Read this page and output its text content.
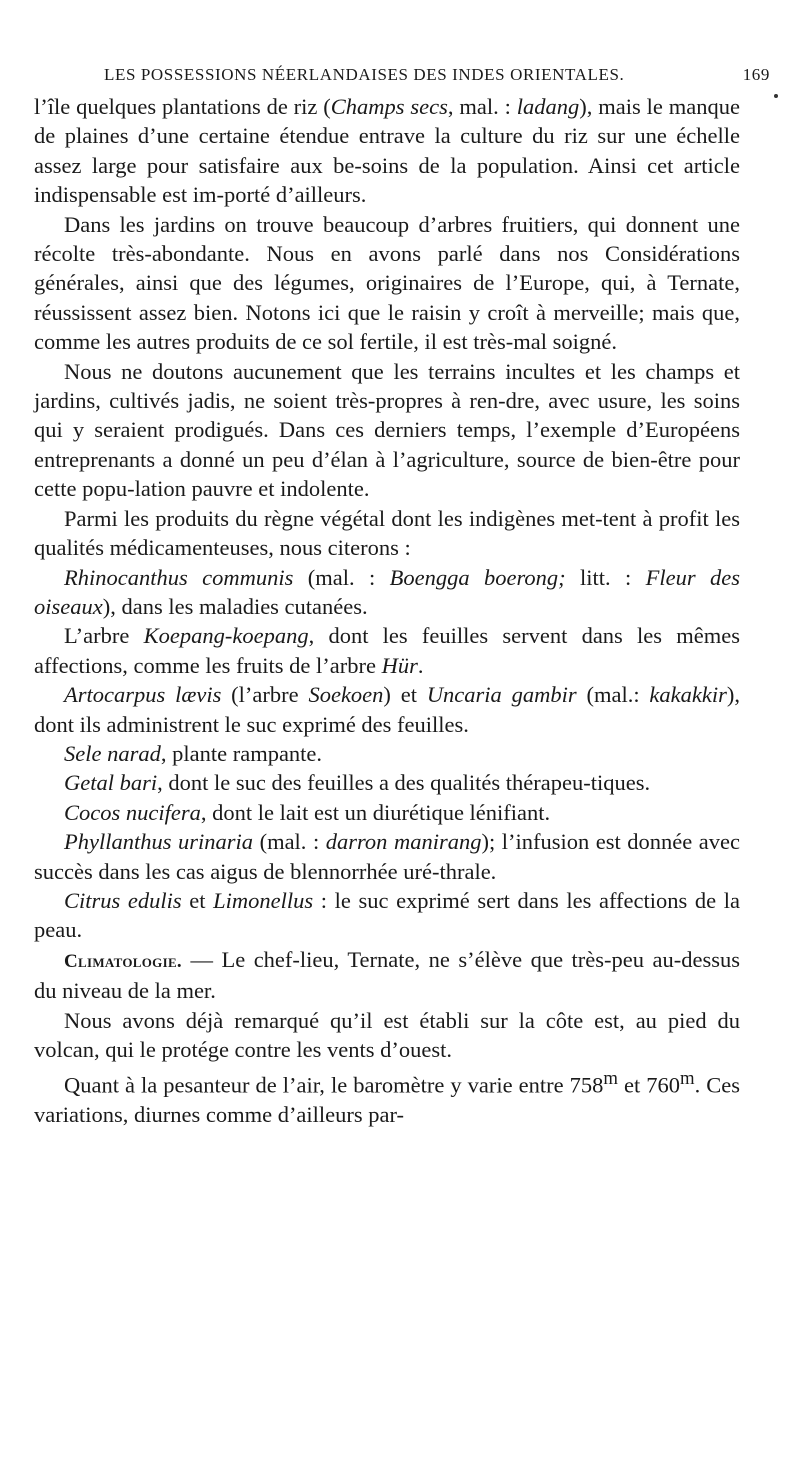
LES POSSESSIONS NÉERLANDAISES DES INDES ORIENTALES.	169

l’île quelques plantations de riz (Champs secs, mal. : ladang), mais le manque de plaines d’une certaine étendue entrave la culture du riz sur une échelle assez large pour satisfaire aux be-soins de la population. Ainsi cet article indispensable est im-porté d’ailleurs.

Dans les jardins on trouve beaucoup d’arbres fruitiers, qui donnent une récolte très-abondante. Nous en avons parlé dans nos Considérations générales, ainsi que des légumes, originaires de l’Europe, qui, à Ternate, réussissent assez bien. Notons ici que le raisin y croît à merveille; mais que, comme les autres produits de ce sol fertile, il est très-mal soigné.

Nous ne doutons aucunement que les terrains incultes et les champs et jardins, cultivés jadis, ne soient très-propres à ren-dre, avec usure, les soins qui y seraient prodigués. Dans ces derniers temps, l’exemple d’Européens entreprenants a donné un peu d’élan à l’agriculture, source de bien-être pour cette popu-lation pauvre et indolente.

Parmi les produits du règne végétal dont les indigènes met-tent à profit les qualités médicamenteuses, nous citerons :

Rhinocanthus communis (mal. : Boengga boerong; litt. : Fleur des oiseaux), dans les maladies cutanées.

L’arbre Koepang-koepang, dont les feuilles servent dans les mêmes affections, comme les fruits de l’arbre Hür.

Artocarpus lævis (l’arbre Soekoen) et Uncaria gambir (mal.: kakakkir), dont ils administrent le suc exprimé des feuilles.

Sele narad, plante rampante.

Getal bari, dont le suc des feuilles a des qualités thérapeu-tiques.

Cocos nucifera, dont le lait est un diurétique lénifiant.

Phyllanthus urinaria (mal. : darron manirang); l’infusion est donnée avec succès dans les cas aigus de blennorrhée uré-thrale.

Citrus edulis et Limonellus : le suc exprimé sert dans les affections de la peau.

Climatologie. — Le chef-lieu, Ternate, ne s’élève que très-peu au-dessus du niveau de la mer.

Nous avons déjà remarqué qu’il est établi sur la côte est, au pied du volcan, qui le protége contre les vents d’ouest.

Quant à la pesanteur de l’air, le baromètre y varie entre 758$^m$ et 760$^m$. Ces variations, diurnes comme d’ailleurs par-
